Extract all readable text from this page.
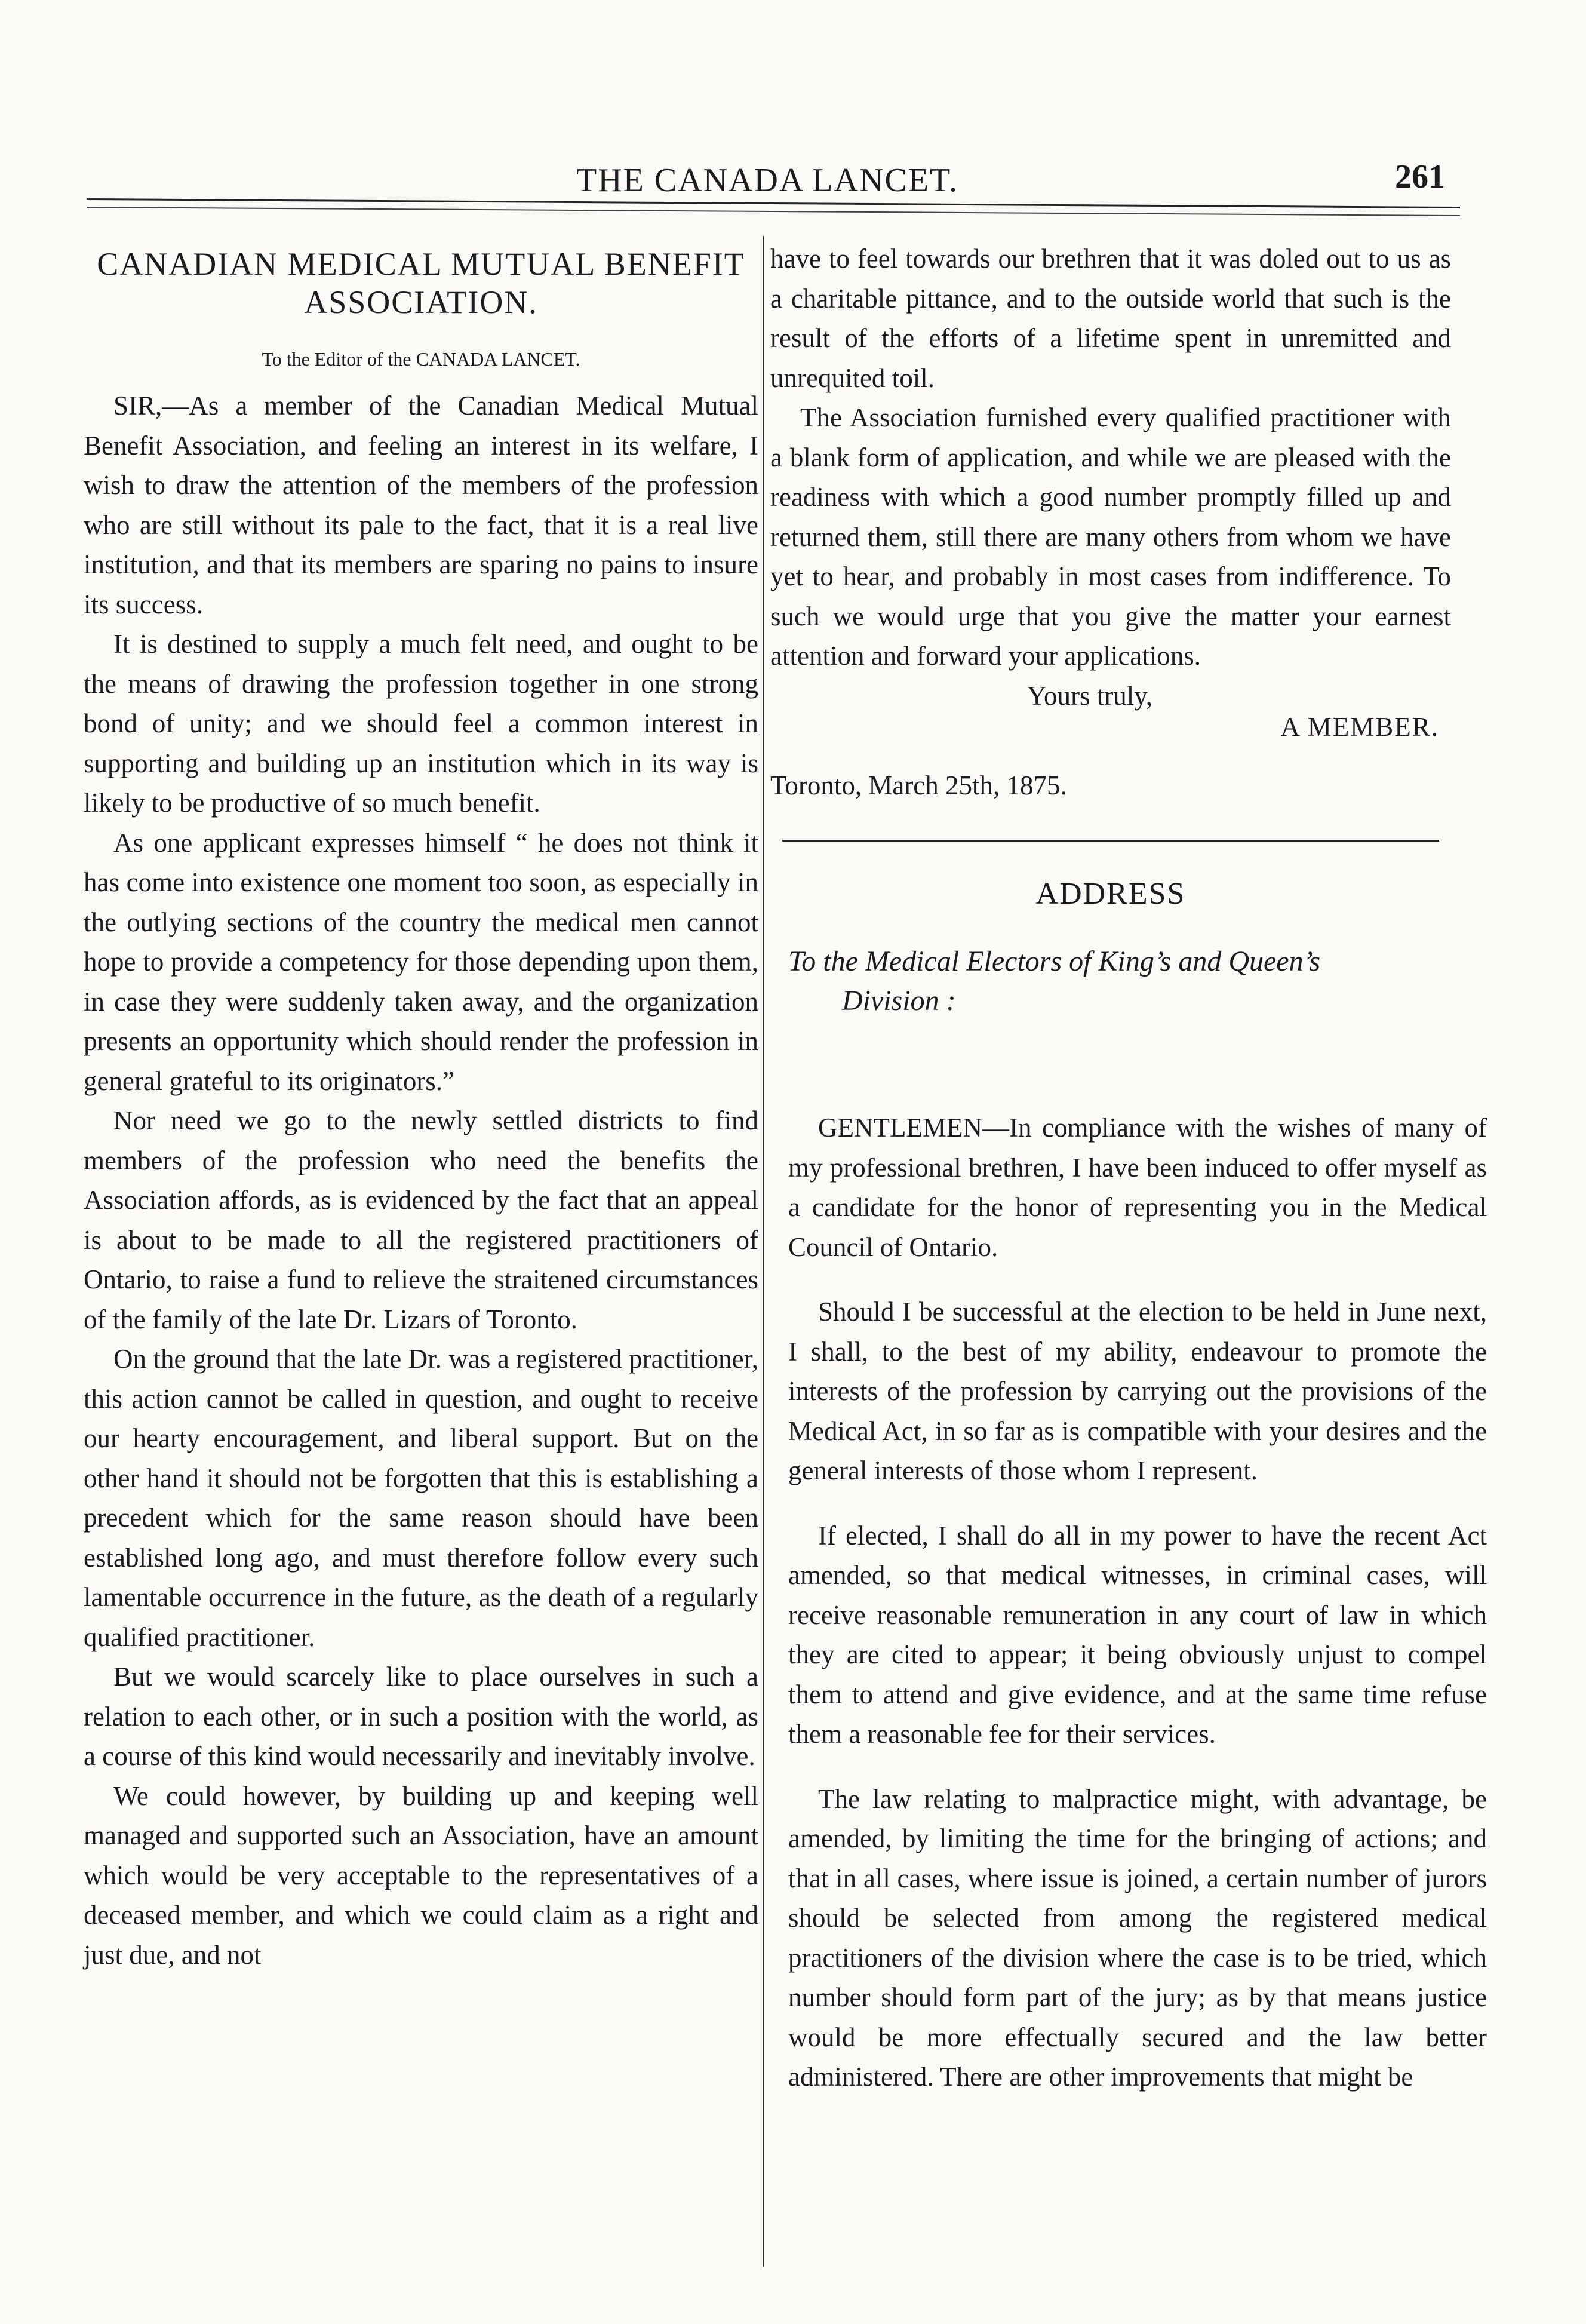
THE CANADA LANCET.	261
CANADIAN MEDICAL MUTUAL BENEFIT
ASSOCIATION.
To the Editor of the CANADA LANCET.

SIR,—As a member of the Canadian Medical Mutual Benefit Association, and feeling an interest in its welfare, I wish to draw the attention of the members of the profession who are still without its pale to the fact, that it is a real live institution, and that its members are sparing no pains to insure its success.

It is destined to supply a much felt need, and ought to be the means of drawing the profession together in one strong bond of unity; and we should feel a common interest in supporting and building up an institution which in its way is likely to be productive of so much benefit.

As one applicant expresses himself “ he does not think it has come into existence one moment too soon, as especially in the outlying sections of the country the medical men cannot hope to provide a competency for those depending upon them, in case they were suddenly taken away, and the organization presents an opportunity which should render the profession in general grateful to its originators.”

Nor need we go to the newly settled districts to find members of the profession who need the benefits the Association affords, as is evidenced by the fact that an appeal is about to be made to all the registered practitioners of Ontario, to raise a fund to relieve the straitened circumstances of the family of the late Dr. Lizars of Toronto.

On the ground that the late Dr. was a registered practitioner, this action cannot be called in question, and ought to receive our hearty encouragement, and liberal support. But on the other hand it should not be forgotten that this is establishing a precedent which for the same reason should have been established long ago, and must therefore follow every such lamentable occurrence in the future, as the death of a regularly qualified practitioner.

But we would scarcely like to place ourselves in such a relation to each other, or in such a position with the world, as a course of this kind would necessarily and inevitably involve.

We could however, by building up and keeping well managed and supported such an Association, have an amount which would be very acceptable to the representatives of a deceased member, and which we could claim as a right and just due, and not

have to feel towards our brethren that it was doled out to us as a charitable pittance, and to the outside world that such is the result of the efforts of a lifetime spent in unremitted and unrequited toil.

The Association furnished every qualified practitioner with a blank form of application, and while we are pleased with the readiness with which a good number promptly filled up and returned them, still there are many others from whom we have yet to hear, and probably in most cases from indifference. To such we would urge that you give the matter your earnest attention and forward your applications.

Yours truly,
A MEMBER.

Toronto, March 25th, 1875.

ADDRESS
To the Medical Electors of King’s and Queen’s
Division :

GENTLEMEN—In compliance with the wishes of many of my professional brethren, I have been induced to offer myself as a candidate for the honor of representing you in the Medical Council of Ontario.

Should I be successful at the election to be held in June next, I shall, to the best of my ability, endeavour to promote the interests of the profession by carrying out the provisions of the Medical Act, in so far as is compatible with your desires and the general interests of those whom I represent.

If elected, I shall do all in my power to have the recent Act amended, so that medical witnesses, in criminal cases, will receive reasonable remuneration in any court of law in which they are cited to appear; it being obviously unjust to compel them to attend and give evidence, and at the same time refuse them a reasonable fee for their services.

The law relating to malpractice might, with advantage, be amended, by limiting the time for the bringing of actions; and that in all cases, where issue is joined, a certain number of jurors should be selected from among the registered medical practitioners of the division where the case is to be tried, which number should form part of the jury; as by that means justice would be more effectually secured and the law better administered. There are other improvements that might be
